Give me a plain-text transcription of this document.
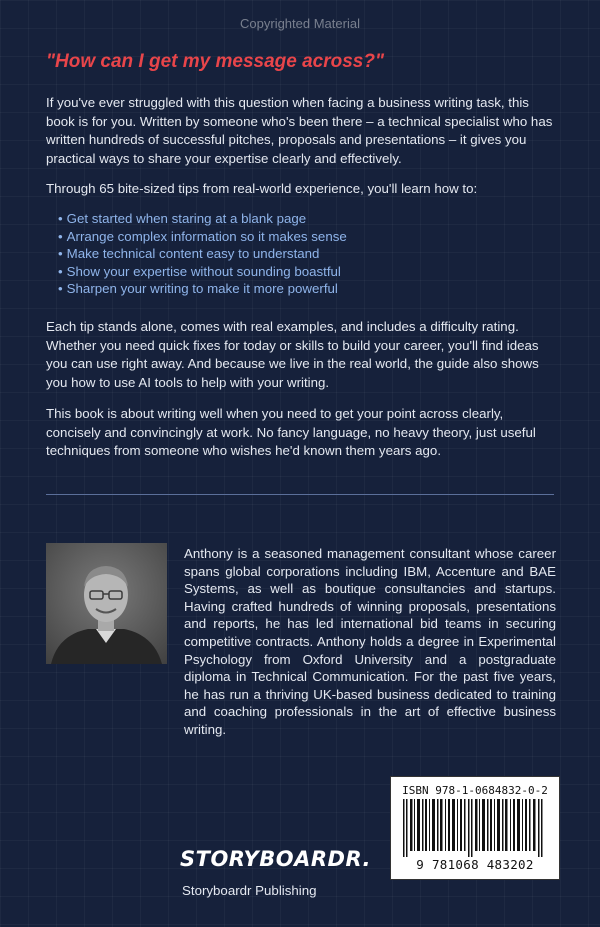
Copyrighted Material
"How can I get my message across?"

If you've ever struggled with this question when facing a business writing task, this book is for you. Written by someone who's been there – a technical specialist who has written hundreds of successful pitches, proposals and presentations – it gives you practical ways to share your expertise clearly and effectively.

Through 65 bite-sized tips from real-world experience, you'll learn how to:

• Get started when staring at a blank page
• Arrange complex information so it makes sense
• Make technical content easy to understand
• Show your expertise without sounding boastful
• Sharpen your writing to make it more powerful

Each tip stands alone, comes with real examples, and includes a difficulty rating. Whether you need quick fixes for today or skills to build your career, you'll find ideas you can use right away. And because we live in the real world, the guide also shows you how to use AI tools to help with your writing.

This book is about writing well when you need to get your point across clearly, concisely and convincingly at work. No fancy language, no heavy theory, just useful techniques from someone who wishes he'd known them years ago.

Anthony is a seasoned management consultant whose career spans global corporations including IBM, Accenture and BAE Systems, as well as boutique consultancies and startups. Having crafted hundreds of winning proposals, presentations and reports, he has led international bid teams in securing competitive contracts. Anthony holds a degree in Experimental Psychology from Oxford University and a postgraduate diploma in Technical Communication. For the past five years, he has run a thriving UK-based business dedicated to training and coaching professionals in the art of effective business writing.

ISBN 978-1-0684832-0-2
9 781068 483202
STORYBOARDR.
Storyboardr Publishing
